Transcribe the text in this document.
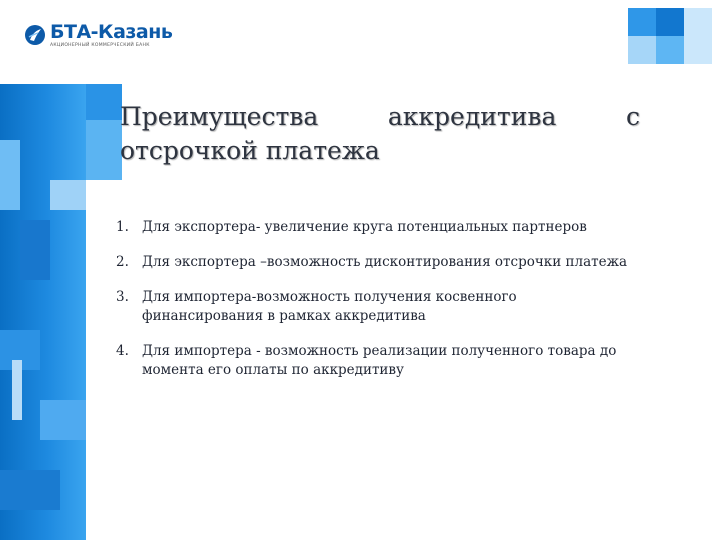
БТА-Казань
АКЦИОНЕРНЫЙ КОММЕРЧЕСКИЙ БАНК
Преимущества	аккредитива	с
отсрочкой платежа
1. Для экспортера- увеличение круга потенциальных партнеров
2. Для экспортера –возможность дисконтирования отсрочки платежа
3. Для импортера-возможность получения косвенного финансирования в рамках аккредитива
4. Для импортера - возможность реализации полученного товара до момента его оплаты по аккредитиву
